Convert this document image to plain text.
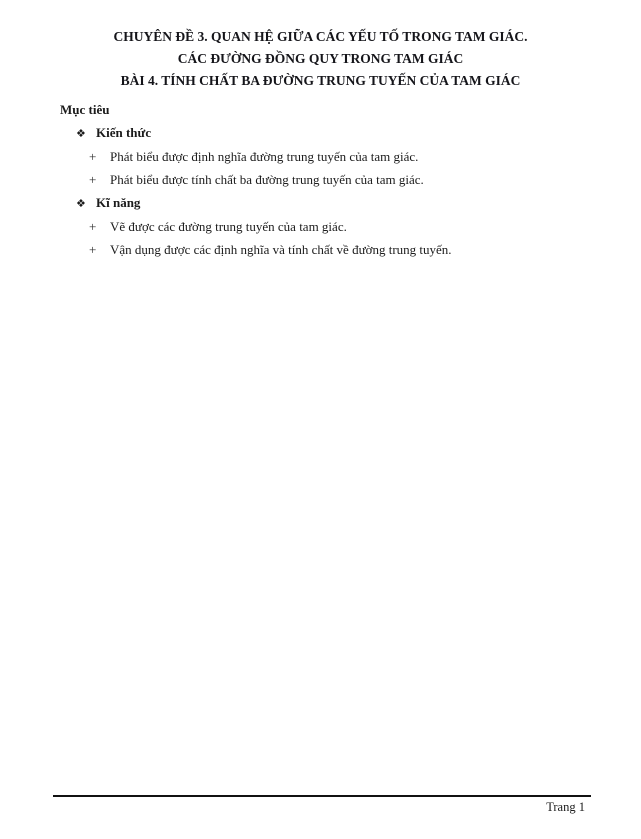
CHUYÊN ĐỀ 3. QUAN HỆ GIỮA CÁC YẾU TỐ TRONG TAM GIÁC.
CÁC ĐƯỜNG ĐỒNG QUY TRONG TAM GIÁC
BÀI 4. TÍNH CHẤT BA ĐƯỜNG TRUNG TUYẾN CỦA TAM GIÁC
Mục tiêu
❖ Kiến thức
+ Phát biểu được định nghĩa đường trung tuyến của tam giác.
+ Phát biểu được tính chất ba đường trung tuyến của tam giác.
❖ Kĩ năng
+ Vẽ được các đường trung tuyến của tam giác.
+ Vận dụng được các định nghĩa và tính chất về đường trung tuyến.
Trang 1
